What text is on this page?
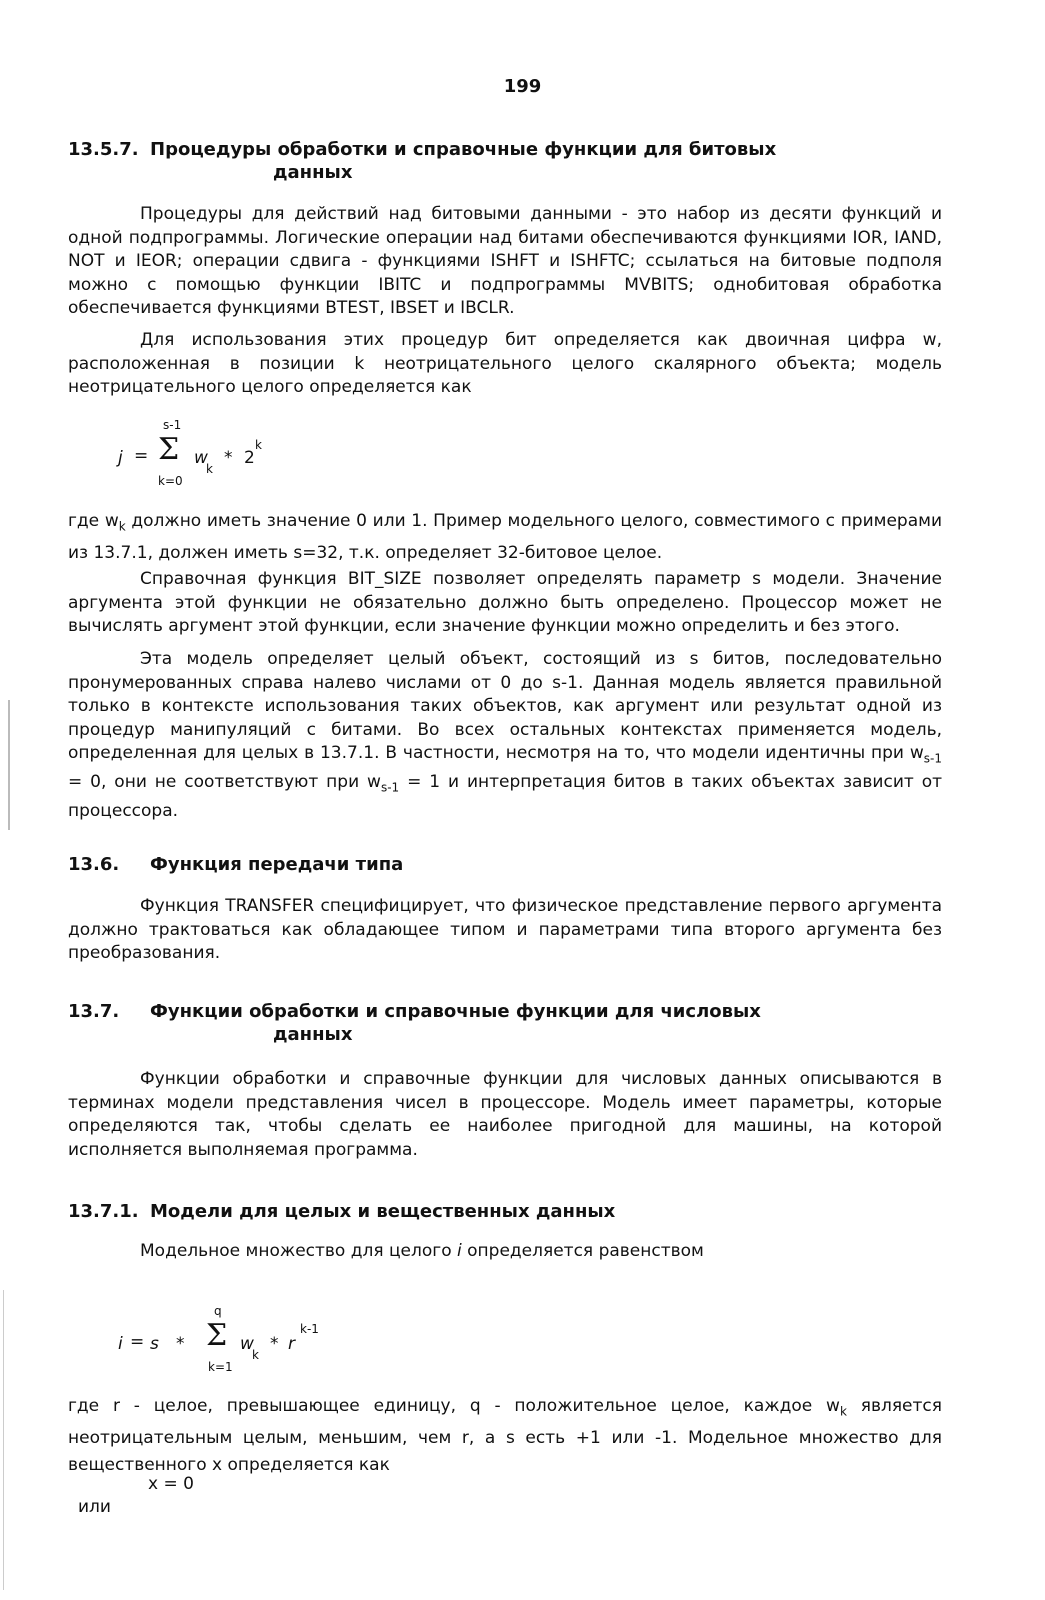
199
13.5.7. Процедуры обработки и справочные функции для битовых
данных
Процедуры для действий над битовыми данными - это набор из десяти функций и одной подпрограммы. Логические операции над битами обеспечиваются функциями IOR, IAND, NOT и IEOR; операции сдвига - функциями ISHFT и ISHFTC; ссылаться на битовые подполя можно с помощью функции IBITC и подпрограммы MVBITS; однобитовая обработка обеспечивается функциями BTEST, IBSET и IBCLR.
Для использования этих процедур бит определяется как двоичная цифра w, расположенная в позиции k неотрицательного целого скалярного объекта; модель неотрицательного целого определяется как
s-1
j = Σ w
k
* 2
k
k=0
где $w_k$ должно иметь значение 0 или 1. Пример модельного целого, совместимого с примерами из 13.7.1, должен иметь s=32, т.к. определяет 32-битовое целое.
Справочная функция BIT_SIZE позволяет определять параметр s модели. Значение аргумента этой функции не обязательно должно быть определено. Процессор может не вычислять аргумент этой функции, если значение функции можно определить и без этого.
Эта модель определяет целый объект, состоящий из s битов, последовательно пронумерованных справа налево числами от 0 до s-1. Данная модель является правильной только в контексте использования таких объектов, как аргумент или результат одной из процедур манипуляций с битами. Во всех остальных контекстах применяется модель, определенная для целых в 13.7.1. В частности, несмотря на то, что модели идентичны при $w_{s-1} = 0$, они не соответствуют при $w_{s-1} = 1$ и интерпретация битов в таких объектах зависит от процессора.
13.6. Функция передачи типа
Функция TRANSFER специфицирует, что физическое представление первого аргумента должно трактоваться как обладающее типом и параметрами типа второго аргумента без преобразования.
13.7. Функции обработки и справочные функции для числовых
данных
Функции обработки и справочные функции для числовых данных описываются в терминах модели представления чисел в процессоре. Модель имеет параметры, которые определяются так, чтобы сделать ее наиболее пригодной для машины, на которой исполняется выполняемая программа.
13.7.1. Модели для целых и вещественных данных
Модельное множество для целого i определяется равенством
q
i = s * Σ w
k
* r
k-1
k=1
где r - целое, превышающее единицу, q - положительное целое, каждое $w_k$ является неотрицательным целым, меньшим, чем r, а s есть +1 или -1. Модельное множество для вещественного x определяется как
x = 0
или
